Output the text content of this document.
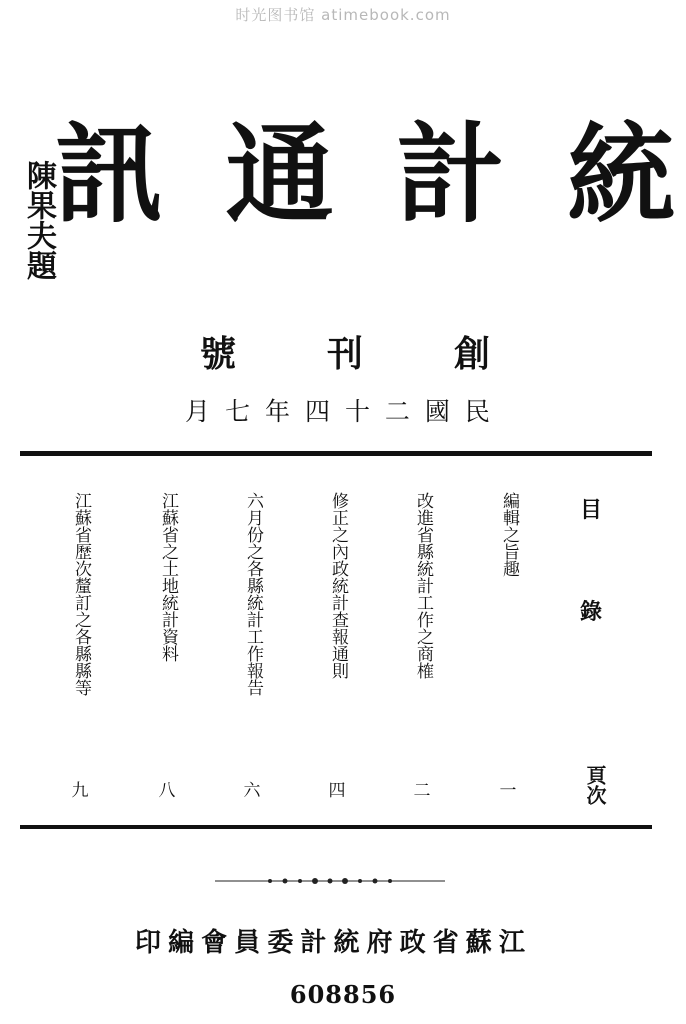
时光图书馆 atimebook.com
訊 通 計 統
陳果夫題
號	刊	創
月 七 年 四 十 二 國 民
目
錄
頁次
編輯之旨趣
改進省縣統計工作之商榷
修正之內政統計查報通則
六月份之各縣統計工作報告
江蘇省之土地統計資料
江蘇省歷次釐訂之各縣縣等
一
二
四
六
八
九
印 編 會 員 委 計 統 府 政 省 蘇 江
608856
